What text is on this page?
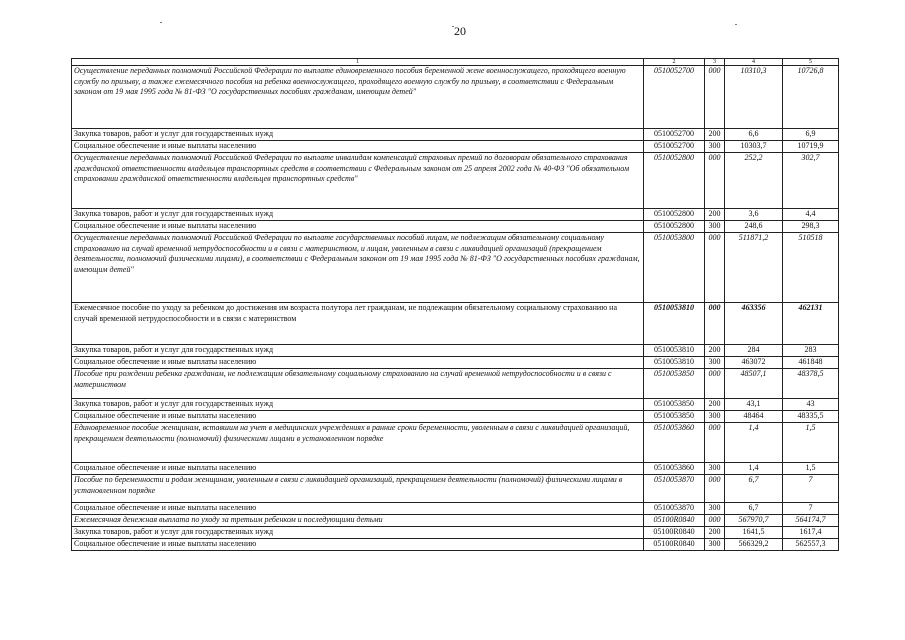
20
1	2	3	4	5
Осуществление переданных полномочий Российской Федерации по выплате единовременного пособия беременной жене военнослужащего, проходящего военную службу по призыву, а также ежемесячного пособия на ребенка военнослужащего, проходящего военную службу по призыву, в соответствии с Федеральным законом от 19 мая 1995 года № 81-ФЗ "О государственных пособиях гражданам, имеющим детей"	0510052700	000	10310,3	10726,8
Закупка товаров, работ и услуг для государственных нужд	0510052700	200	6,6	6,9
Социальное обеспечение и иные выплаты населению	0510052700	300	10303,7	10719,9
Осуществление переданных полномочий Российской Федерации по выплате инвалидам компенсаций страховых премий по договорам обязательного страхования гражданской ответственности владельцев транспортных средств в соответствии с Федеральным законом от 25 апреля 2002 года № 40-ФЗ "Об обязательном страховании гражданской ответственности владельцев транспортных средств"	0510052800	000	252,2	302,7
Закупка товаров, работ и услуг для государственных нужд	0510052800	200	3,6	4,4
Социальное обеспечение и иные выплаты населению	0510052800	300	248,6	298,3
Осуществление переданных полномочий Российской Федерации по выплате государственных пособий лицам, не подлежащим обязательному социальному страхованию на случай временной нетрудоспособности и в связи с материнством, и лицам, уволенным в связи с ликвидацией организаций (прекращением деятельности, полномочий физическими лицами), в соответствии с Федеральным законом от 19 мая 1995 года № 81-ФЗ "О государственных пособиях гражданам, имеющим детей"	0510053800	000	511871,2	510518
Ежемесячное пособие по уходу за ребенком до достижения им возраста полутора лет гражданам, не подлежащим обязательному социальному страхованию на случай временной нетрудоспособности и в связи с материнством	0510053810	000	463356	462131
Закупка товаров, работ и услуг для государственных нужд	0510053810	200	284	283
Социальное обеспечение и иные выплаты населению	0510053810	300	463072	461848
Пособие при рождении ребенка гражданам, не подлежащим обязательному социальному страхованию на случай временной нетрудоспособности и в связи с материнством	0510053850	000	48507,1	48378,5
Закупка товаров, работ и услуг для государственных нужд	0510053850	200	43,1	43
Социальное обеспечение и иные выплаты населению	0510053850	300	48464	48335,5
Единовременное пособие женщинам, вставшим на учет в медицинских учреждениях в ранние сроки беременности, уволенным в связи с ликвидацией организаций, прекращением деятельности (полномочий) физическими лицами в установленном порядке	0510053860	000	1,4	1,5
Социальное обеспечение и иные выплаты населению	0510053860	300	1,4	1,5
Пособие по беременности и родам женщинам, уволенным в связи с ликвидацией организаций, прекращением деятельности (полномочий) физическими лицами в установленном порядке	0510053870	000	6,7	7
Социальное обеспечение и иные выплаты населению	0510053870	300	6,7	7
Ежемесячная денежная выплата по уходу за третьим ребенком и последующими детьми	05100R0840	000	567970,7	564174,7
Закупка товаров, работ и услуг для государственных нужд	05100R0840	200	1641,5	1617,4
Социальное обеспечение и иные выплаты населению	05100R0840	300	566329,2	562557,3
